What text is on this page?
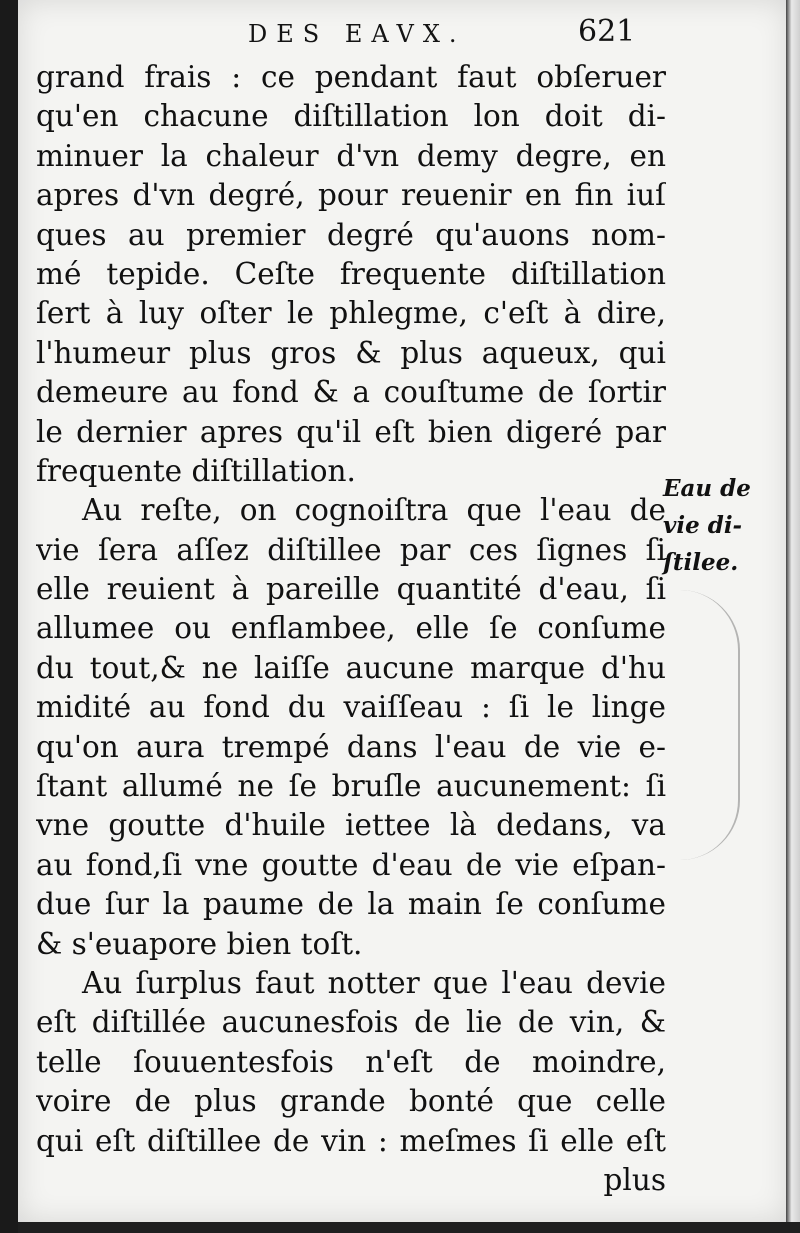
DES EAVX.	621
grand frais : ce pendant faut obſeruer
qu'en chacune diſtillation lon doit di-
minuer la chaleur d'vn demy degre, en
apres d'vn degré, pour reuenir en fin iuſ
ques au premier degré qu'auons nom-
mé tepide. Ceſte frequente diſtillation
ſert à luy oſter le phlegme, c'eſt à dire,
l'humeur plus gros & plus aqueux, qui
demeure au fond & a couſtume de ſortir
le dernier apres qu'il eſt bien digeré par
frequente diſtillation.
Au reſte, on cognoiſtra que l'eau de
vie ſera aſſez diſtillee par ces ſignes ſi
elle reuient à pareille quantité d'eau, ſi
allumee ou enflambee, elle ſe conſume
du tout,& ne laiſſe aucune marque d'hu
midité au fond du vaiſſeau : ſi le linge
qu'on aura trempé dans l'eau de vie e-
ſtant allumé ne ſe bruſle aucunement: ſi
vne goutte d'huile iettee là dedans, va
au fond,ſi vne goutte d'eau de vie eſpan-
due ſur la paume de la main ſe conſume
& s'euapore bien toſt.
Au ſurplus faut notter que l'eau devie
eſt diſtillée aucunesfois de lie de vin, &
telle ſouuentesfois n'eſt de moindre,
voire de plus grande bonté que celle
qui eſt diſtillee de vin : meſmes ſi elle eſt
plus
Eau de
vie di-
ſtilee.
